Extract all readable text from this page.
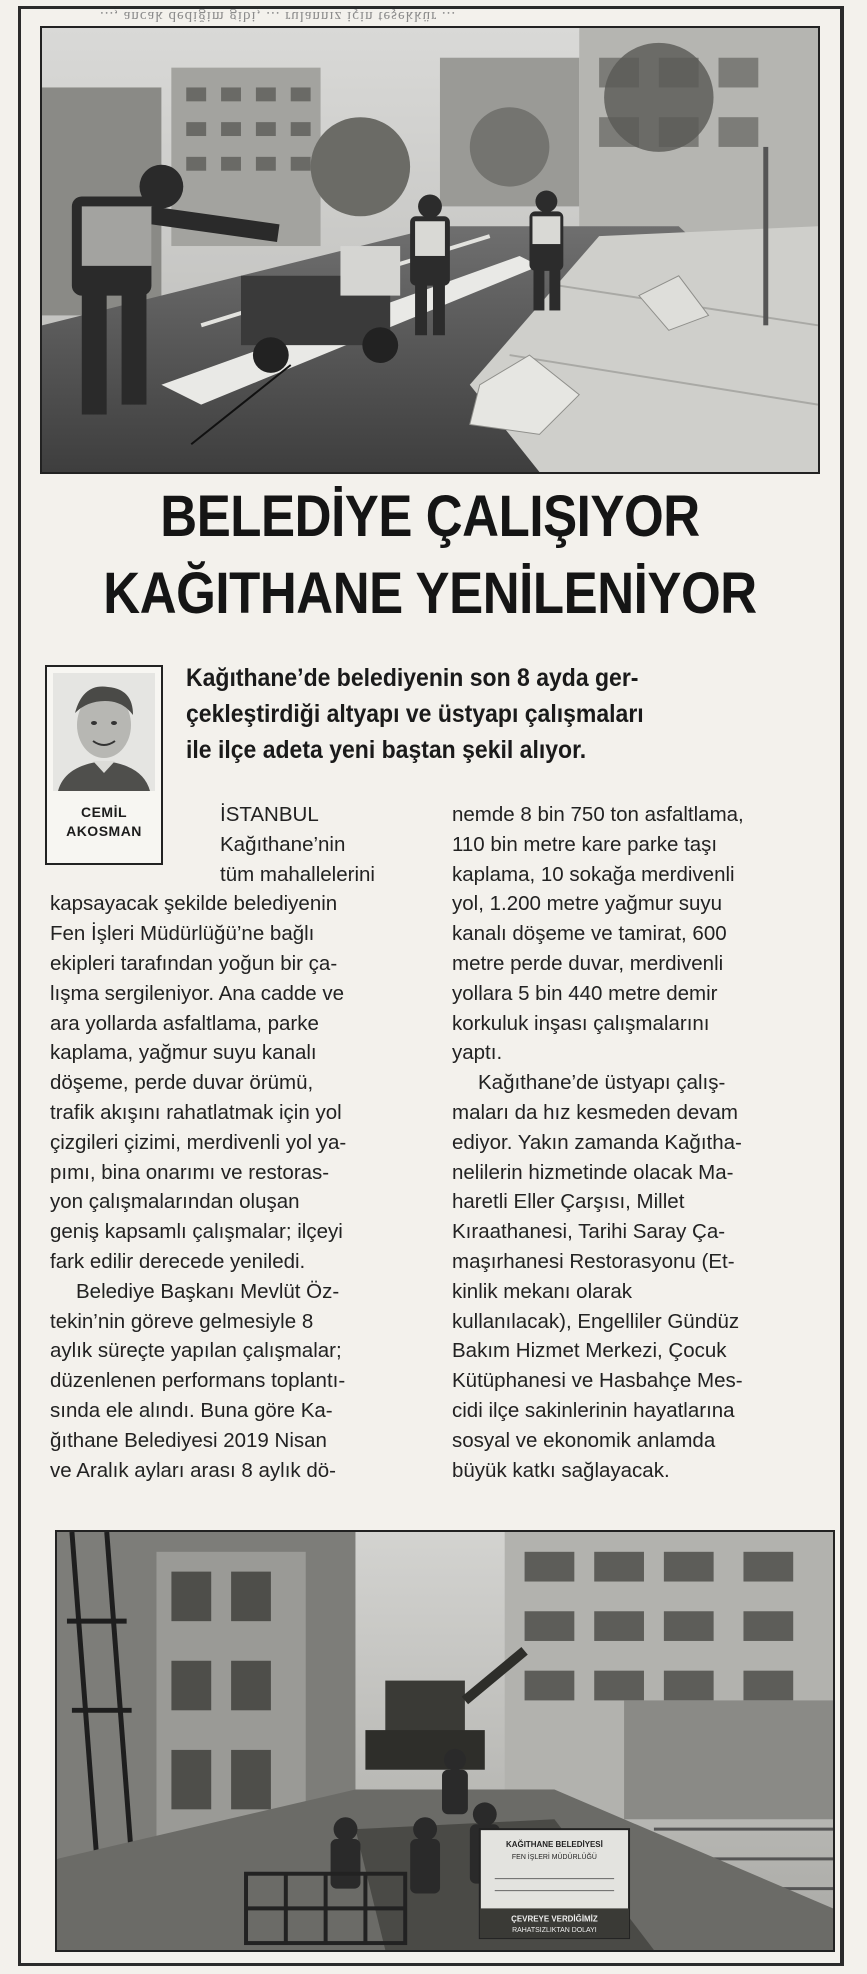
..., ancak dediğim gibi, ... rulannız için teşekkür ...
BELEDİYE ÇALIŞIYOR
KAĞITHANE YENİLENİYOR
CEMİL
AKOSMAN
Kağıthane’de belediyenin son 8 ayda ger-
çekleştirdiği altyapı ve üstyapı çalışmaları
ile ilçe adeta yeni baştan şekil alıyor.
İSTANBUL
Kağıthane’nin
tüm mahallelerini
kapsayacak şekilde belediyenin
Fen İşleri Müdürlüğü’ne bağlı
ekipleri tarafından yoğun bir ça-
lışma sergileniyor. Ana cadde ve
ara yollarda asfaltlama, parke
kaplama, yağmur suyu kanalı
döşeme, perde duvar örümü,
trafik akışını rahatlatmak için yol
çizgileri çizimi, merdivenli yol ya-
pımı, bina onarımı ve restoras-
yon çalışmalarından oluşan
geniş kapsamlı çalışmalar; ilçeyi
fark edilir derecede yeniledi.
Belediye Başkanı Mevlüt Öz-
tekin’nin göreve gelmesiyle 8
aylık süreçte yapılan çalışmalar;
düzenlenen performans toplantı-
sında ele alındı. Buna göre Ka-
ğıthane Belediyesi 2019 Nisan
ve Aralık ayları arası 8 aylık dö-
nemde 8 bin 750 ton asfaltlama,
110 bin metre kare parke taşı
kaplama, 10 sokağa merdivenli
yol, 1.200 metre yağmur suyu
kanalı döşeme ve tamirat, 600
metre perde duvar, merdivenli
yollara 5 bin 440 metre demir
korkuluk inşası çalışmalarını
yaptı.
Kağıthane’de üstyapı çalış-
maları da hız kesmeden devam
ediyor. Yakın zamanda Kağıtha-
nelilerin hizmetinde olacak Ma-
haretli Eller Çarşısı, Millet
Kıraathanesi, Tarihi Saray Ça-
maşırhanesi Restorasyonu (Et-
kinlik mekanı olarak
kullanılacak), Engelliler Gündüz
Bakım Hizmet Merkezi, Çocuk
Kütüphanesi ve Hasbahçe Mes-
cidi ilçe sakinlerinin hayatlarına
sosyal ve ekonomik anlamda
büyük katkı sağlayacak.
KAĞITHANE BELEDİYESİ
FEN İŞLERİ MÜDÜRLÜĞÜ
ÇEVREYE VERDİĞİMİZ
RAHATSIZLIKTAN DOLAYI
